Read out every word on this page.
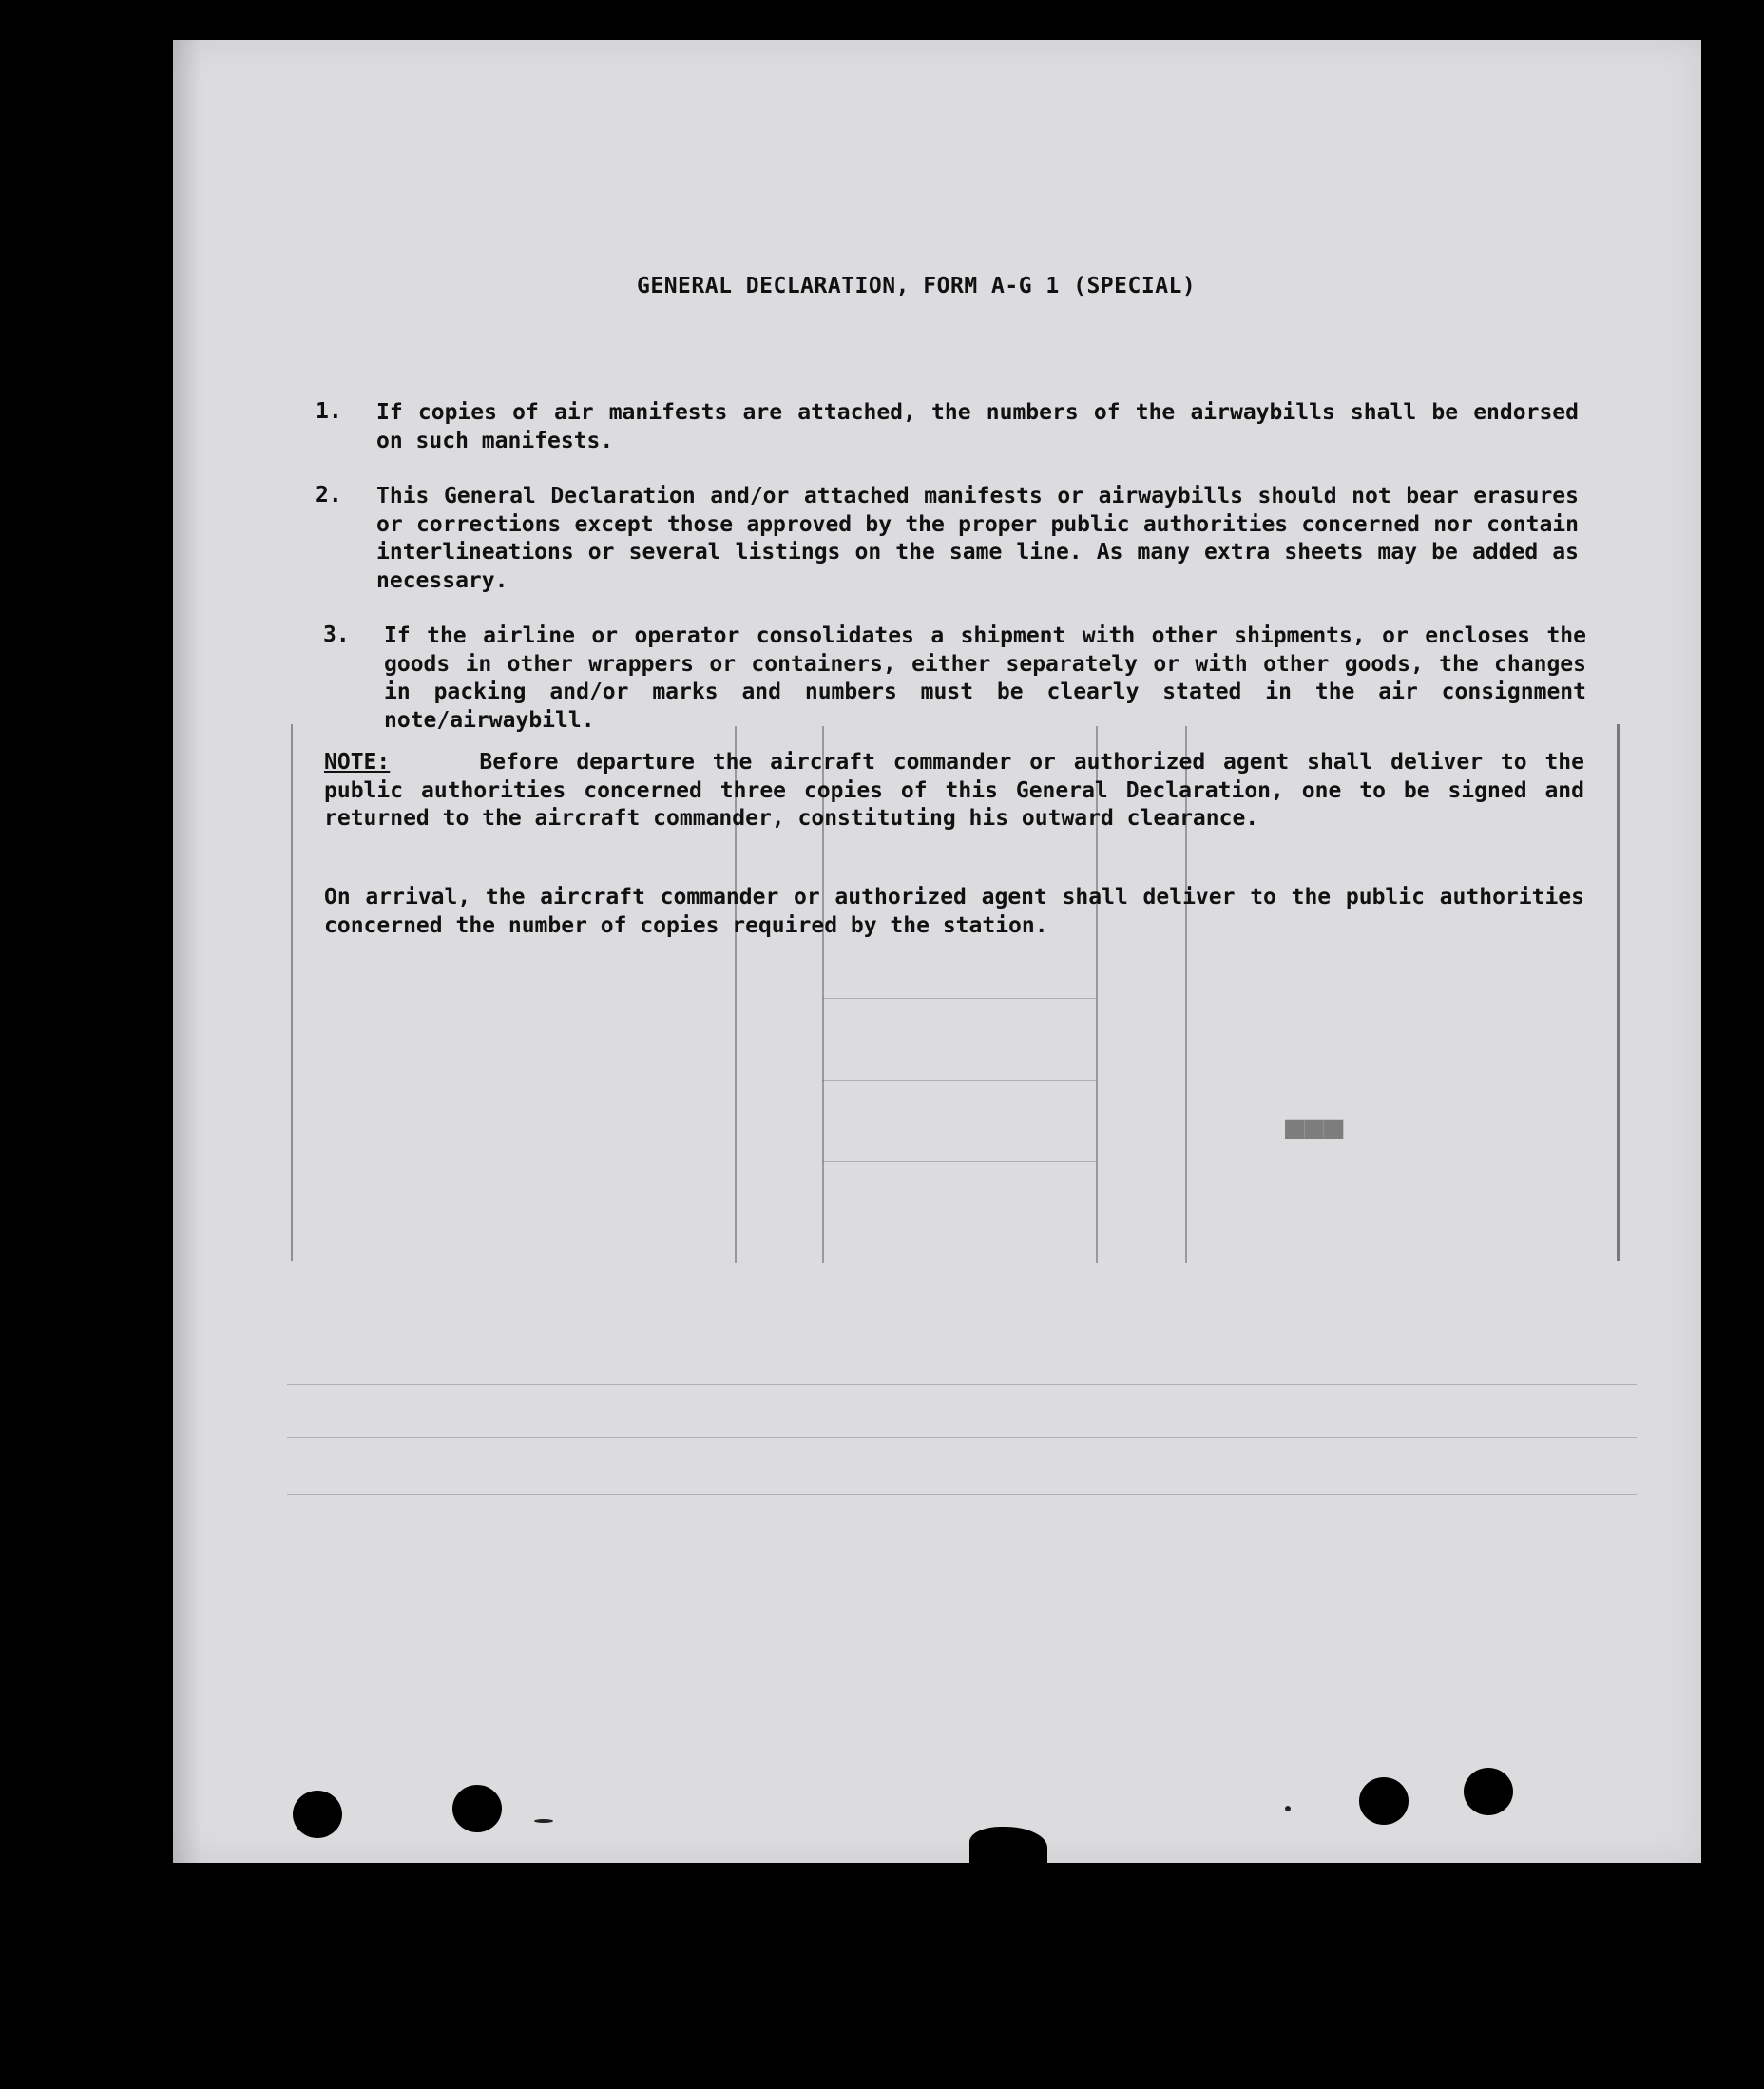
■■■
GENERAL DECLARATION, FORM A-G 1 (SPECIAL)
1. If copies of air manifests are attached, the numbers of the airwaybills shall be endorsed on such manifests.
2. This General Declaration and/or attached manifests or airwaybills should not bear erasures or corrections except those approved by the proper public authorities concerned nor contain interlineations or several listings on the same line. As many extra sheets may be added as necessary.
3. If the airline or operator consolidates a shipment with other shipments, or encloses the goods in other wrappers or containers, either separately or with other goods, the changes in packing and/or marks and numbers must be clearly stated in the air consignment note/airwaybill.
NOTE:	Before departure the aircraft commander or authorized agent shall deliver to the public authorities concerned three copies of this General Declaration, one to be signed and returned to the aircraft commander, constituting his outward clearance.
On arrival, the aircraft commander or authorized agent shall deliver to the public authorities concerned the number of copies required by the station.
